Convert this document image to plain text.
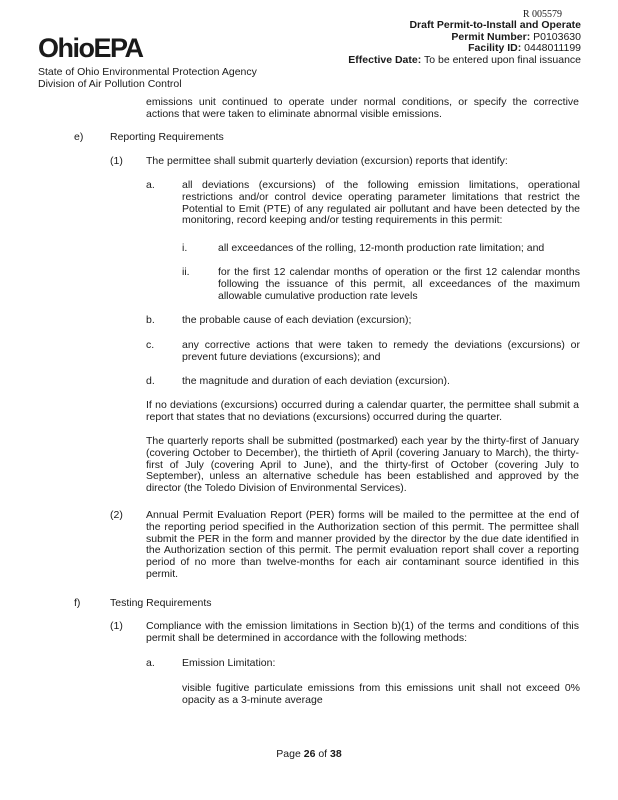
OhioEPA
State of Ohio Environmental Protection Agency
Division of Air Pollution Control
R 005579
Draft Permit-to-Install and Operate
Permit Number: P0103630
Facility ID: 0448011199
Effective Date: To be entered upon final issuance

emissions unit continued to operate under normal conditions, or specify the corrective actions that were taken to eliminate abnormal visible emissions.

e)	Reporting Requirements
(1) The permittee shall submit quarterly deviation (excursion) reports that identify:

a.	all deviations (excursions) of the following emission limitations, operational restrictions and/or control device operating parameter limitations that restrict the Potential to Emit (PTE) of any regulated air pollutant and have been detected by the monitoring, record keeping and/or testing requirements in this permit:

i.	all exceedances of the rolling, 12-month production rate limitation; and

ii.	for the first 12 calendar months of operation or the first 12 calendar months following the issuance of this permit, all exceedances of the maximum allowable cumulative production rate levels

b.	the probable cause of each deviation (excursion);

c.	any corrective actions that were taken to remedy the deviations (excursions) or prevent future deviations (excursions); and

d.	the magnitude and duration of each deviation (excursion).

If no deviations (excursions) occurred during a calendar quarter, the permittee shall submit a report that states that no deviations (excursions) occurred during the quarter.

The quarterly reports shall be submitted (postmarked) each year by the thirty-first of January (covering October to December), the thirtieth of April (covering January to March), the thirty-first of July (covering April to June), and the thirty-first of October (covering July to September), unless an alternative schedule has been established and approved by the director (the Toledo Division of Environmental Services).

(2) Annual Permit Evaluation Report (PER) forms will be mailed to the permittee at the end of the reporting period specified in the Authorization section of this permit. The permittee shall submit the PER in the form and manner provided by the director by the due date identified in the Authorization section of this permit. The permit evaluation report shall cover a reporting period of no more than twelve-months for each air contaminant source identified in this permit.

f)	Testing Requirements
(1) Compliance with the emission limitations in Section b)(1) of the terms and conditions of this permit shall be determined in accordance with the following methods:

a.	Emission Limitation:

visible fugitive particulate emissions from this emissions unit shall not exceed 0% opacity as a 3-minute average

Page 26 of 38
